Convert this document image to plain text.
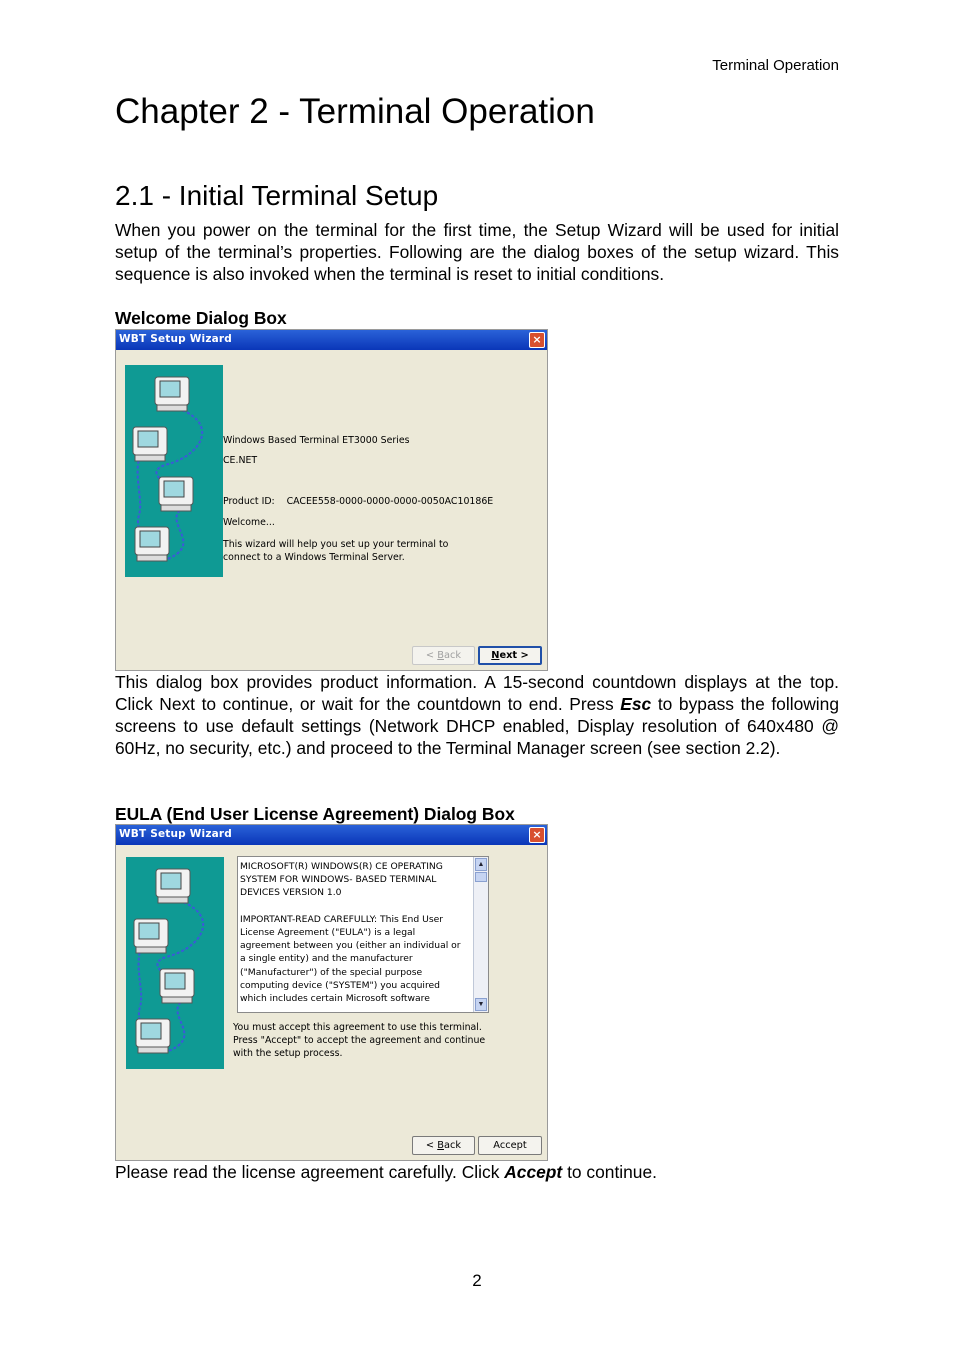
Terminal Operation
Chapter 2 - Terminal Operation
2.1 - Initial Terminal Setup

When you power on the terminal for the first time, the Setup Wizard will be used for initial setup of the terminal’s properties. Following are the dialog boxes of the setup wizard. This sequence is also invoked when the terminal is reset to initial conditions.

Welcome Dialog Box

WBT Setup Wizard	×
Windows Based Terminal ET3000 Series
CE.NET
Product ID:    CACEE558-0000-0000-0000-0050AC10186E
Welcome...
This wizard will help you set up your terminal to
connect to a Windows Terminal Server.
< Back	Next >

This dialog box provides product information. A 15-second countdown displays at the top. Click Next to continue, or wait for the countdown to end. Press Esc to bypass the following screens to use default settings (Network DHCP enabled, Display resolution of 640x480 @ 60Hz, no security, etc.) and proceed to the Terminal Manager screen (see section 2.2).

EULA (End User License Agreement) Dialog Box

WBT Setup Wizard	×
MICROSOFT(R) WINDOWS(R) CE OPERATING
SYSTEM FOR WINDOWS- BASED TERMINAL
DEVICES VERSION 1.0
IMPORTANT-READ CAREFULLY: This End User
License Agreement ("EULA") is a legal
agreement between you (either an individual or
a single entity) and the manufacturer
("Manufacturer") of the special purpose
computing device ("SYSTEM") you acquired
which includes certain Microsoft software
▲
▼
You must accept this agreement to use this terminal.
Press "Accept" to accept the agreement and continue
with the setup process.
< Back	Accept

Please read the license agreement carefully. Click Accept to continue.

2
